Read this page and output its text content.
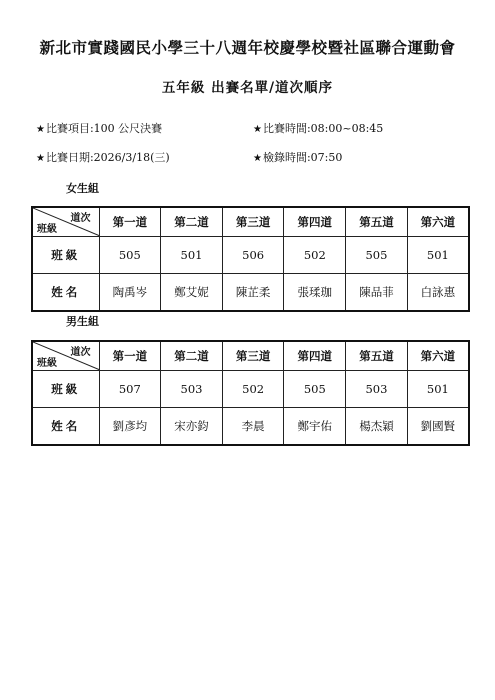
新北市實踐國民小學三十八週年校慶學校暨社區聯合運動會
五年級 出賽名單/道次順序
★比賽項目:100 公尺決賽	★比賽時間:08:00~08:45
★比賽日期:2026/3/18(三)	★檢錄時間:07:50
女生組
道次
班級	第一道	第二道	第三道	第四道	第五道	第六道
班級	505	501	506	502	505	501
姓名	陶禹岑	鄭艾妮	陳芷柔	張瑈珈	陳品菲	白詠惠
男生組
道次
班級	第一道	第二道	第三道	第四道	第五道	第六道
班級	507	503	502	505	503	501
姓名	劉彥均	宋亦鈞	李晨	鄭宇佑	楊杰穎	劉國賢
